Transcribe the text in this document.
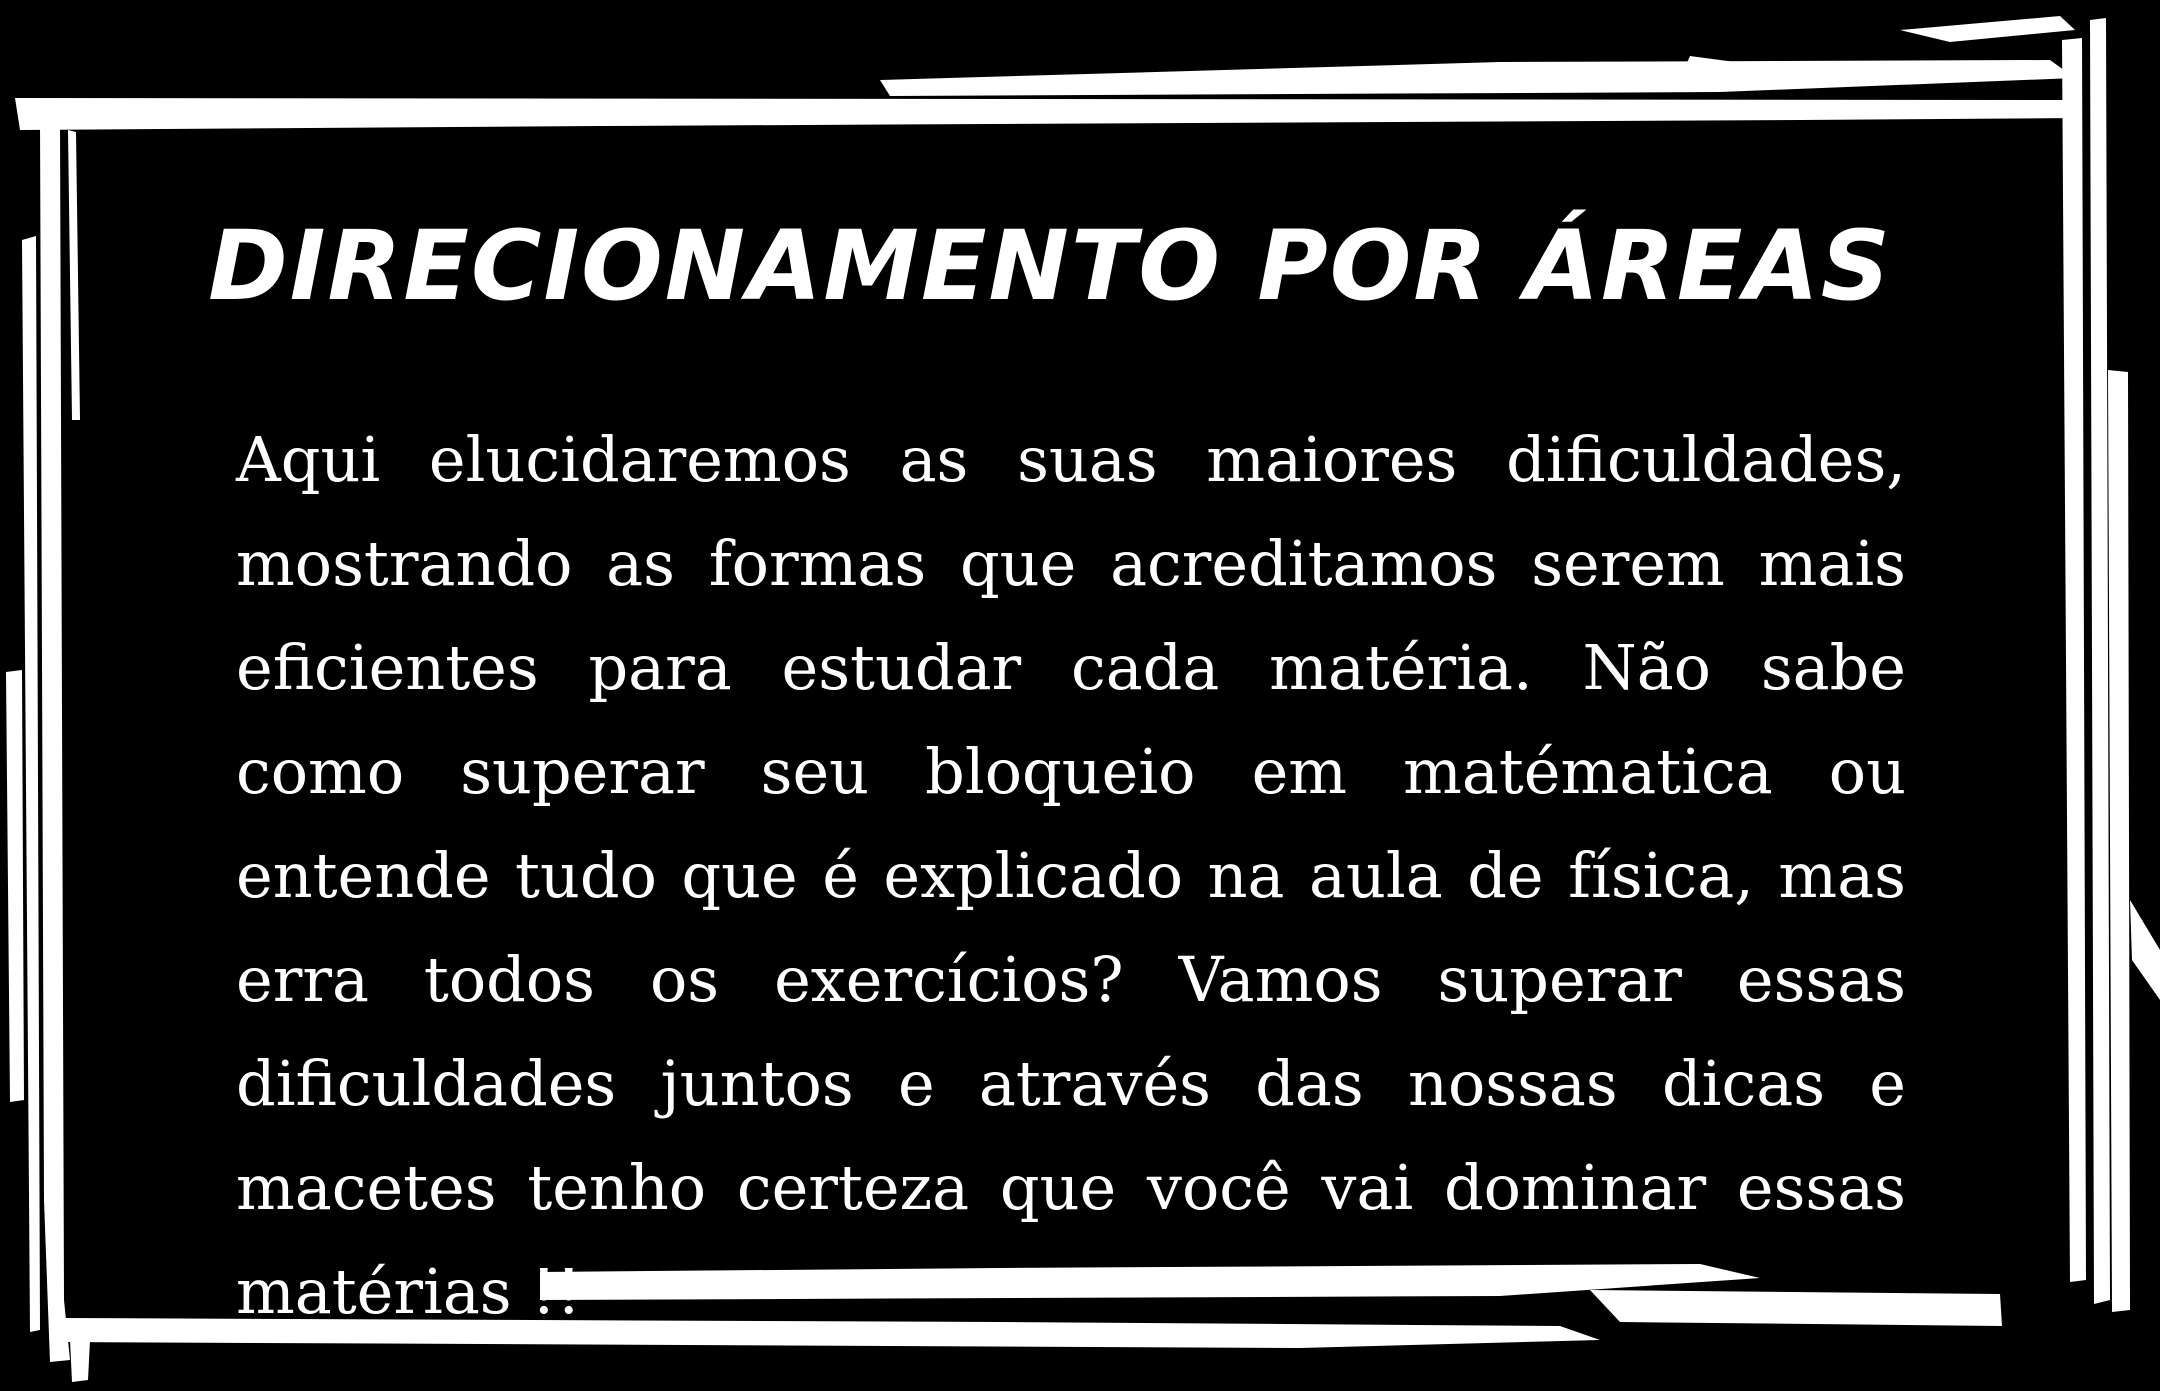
DIRECIONAMENTO POR ÁREAS
Aqui elucidaremos as suas maiores dificuldades, mostrando as formas que acreditamos serem mais eficientes para estudar cada matéria. Não sabe como superar seu bloqueio em matématica ou entende tudo que é explicado na aula de física, mas erra todos os exercícios? Vamos superar essas dificuldades juntos e através das nossas dicas e macetes tenho certeza que você vai dominar essas matérias !!
